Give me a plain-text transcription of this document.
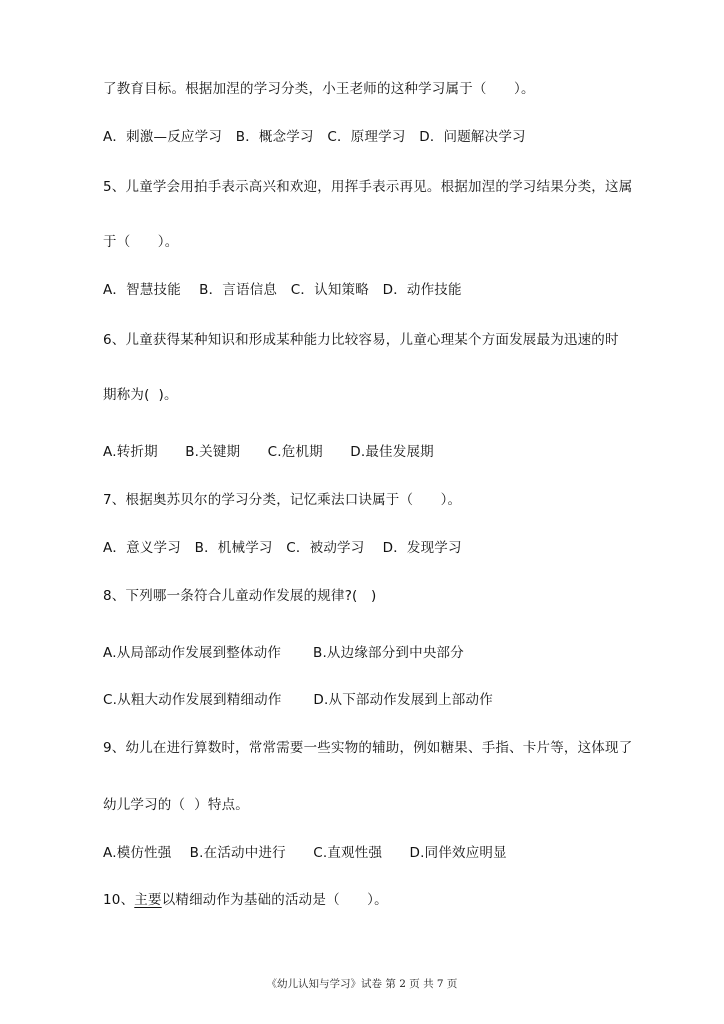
了教育目标。根据加涅的学习分类，小王老师的这种学习属于（　　）。
A．刺激—反应学习　B．概念学习　C．原理学习　D．问题解决学习
5、儿童学会用拍手表示高兴和欢迎，用挥手表示再见。根据加涅的学习结果分类，这属
于（　　）。
A．智慧技能　 B．言语信息　C．认知策略　D．动作技能
6、儿童获得某种知识和形成某种能力比较容易，儿童心理某个方面发展最为迅速的时
期称为(  )。
A.转折期　　B.关键期　　C.危机期　　D.最佳发展期
7、根据奥苏贝尔的学习分类，记忆乘法口诀属于（　　）。
A．意义学习　B．机械学习　C．被动学习　 D．发现学习
8、下列哪一条符合儿童动作发展的规律?(   )
A.从局部动作发展到整体动作　　 B.从边缘部分到中央部分
C.从粗大动作发展到精细动作　　 D.从下部动作发展到上部动作
9、幼儿在进行算数时，常常需要一些实物的辅助，例如糖果、手指、卡片等，这体现了
幼儿学习的（  ）特点。
A.模仿性强　 B.在活动中进行　　C.直观性强　　D.同伴效应明显
10、主要以精细动作为基础的活动是（　　）。
《幼儿认知与学习》试卷 第 2 页 共 7 页
